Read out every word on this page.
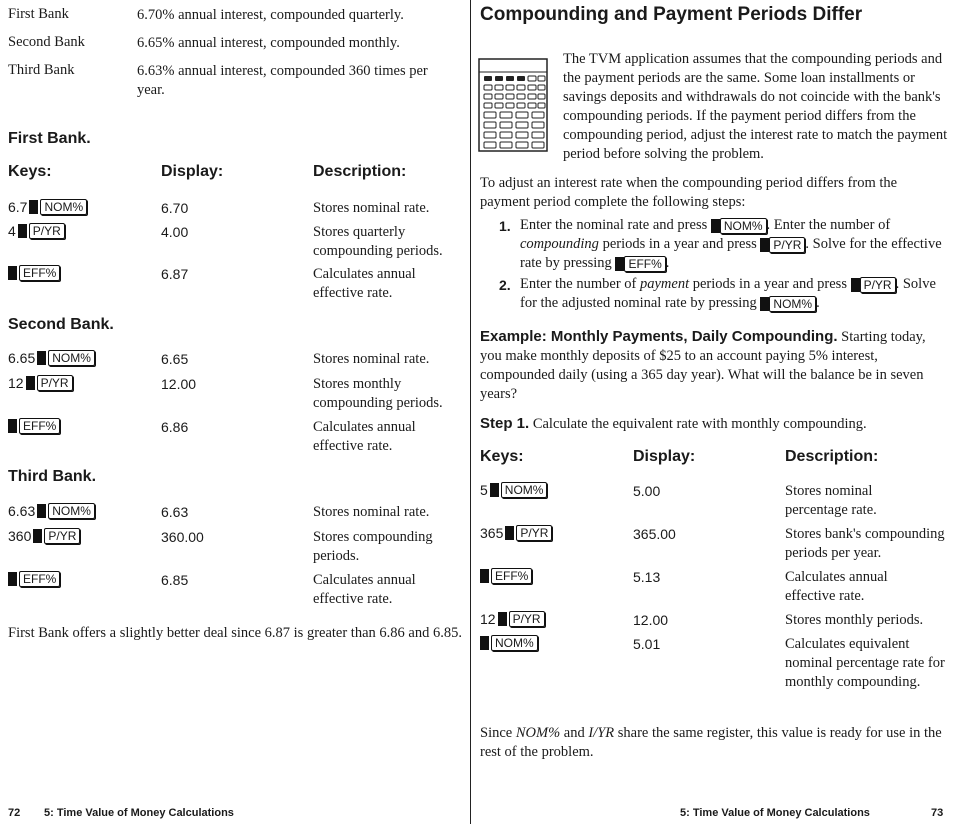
First Bank	6.70% annual interest, compounded quarterly.
Second Bank	6.65% annual interest, compounded monthly.
Third Bank	6.63% annual interest, compounded 360 times per year.
First Bank.
Keys:	Display:	Description:
6.7	NOM%	6.70	Stores nominal rate.
4	P/YR	4.00	Stores quarterly compounding periods.
EFF%	6.87	Calculates annual effective rate.
Second Bank.
6.65	NOM%	6.65	Stores nominal rate.
12	P/YR	12.00	Stores monthly compounding periods.
EFF%	6.86	Calculates annual effective rate.
Third Bank.
6.63	NOM%	6.63	Stores nominal rate.
360	P/YR	360.00	Stores compounding periods.
EFF%	6.85	Calculates annual effective rate.
First Bank offers a slightly better deal since 6.87 is greater than 6.86 and 6.85.
72 5: Time Value of Money Calculations
Compounding and Payment Periods Differ
The TVM application assumes that the compounding periods and the payment periods are the same. Some loan installments or savings deposits and withdrawals do not coincide with the bank's compounding periods. If the payment period differs from the compounding period, adjust the interest rate to match the payment period before solving the problem.
To adjust an interest rate when the compounding period differs from the payment period complete the following steps:
1. Enter the nominal rate and press NOM% . Enter the number of compounding periods in a year and press P/YR . Solve for the effective rate by pressing EFF% .
2. Enter the number of payment periods in a year and press P/YR . Solve for the adjusted nominal rate by pressing NOM% .
Example: Monthly Payments, Daily Compounding. Starting today, you make monthly deposits of $25 to an account paying 5% interest, compounded daily (using a 365 day year). What will the balance be in seven years?
Step 1. Calculate the equivalent rate with monthly compounding.
Keys:	Display:	Description:
5	NOM%	5.00	Stores nominal percentage rate.
365	P/YR	365.00	Stores bank's compounding periods per year.
EFF%	5.13	Calculates annual effective rate.
12	P/YR	12.00	Stores monthly periods.
NOM%	5.01	Calculates equivalent nominal percentage rate for monthly compounding.
Since NOM% and I/YR share the same register, this value is ready for use in the rest of the problem.
5: Time Value of Money Calculations	73
